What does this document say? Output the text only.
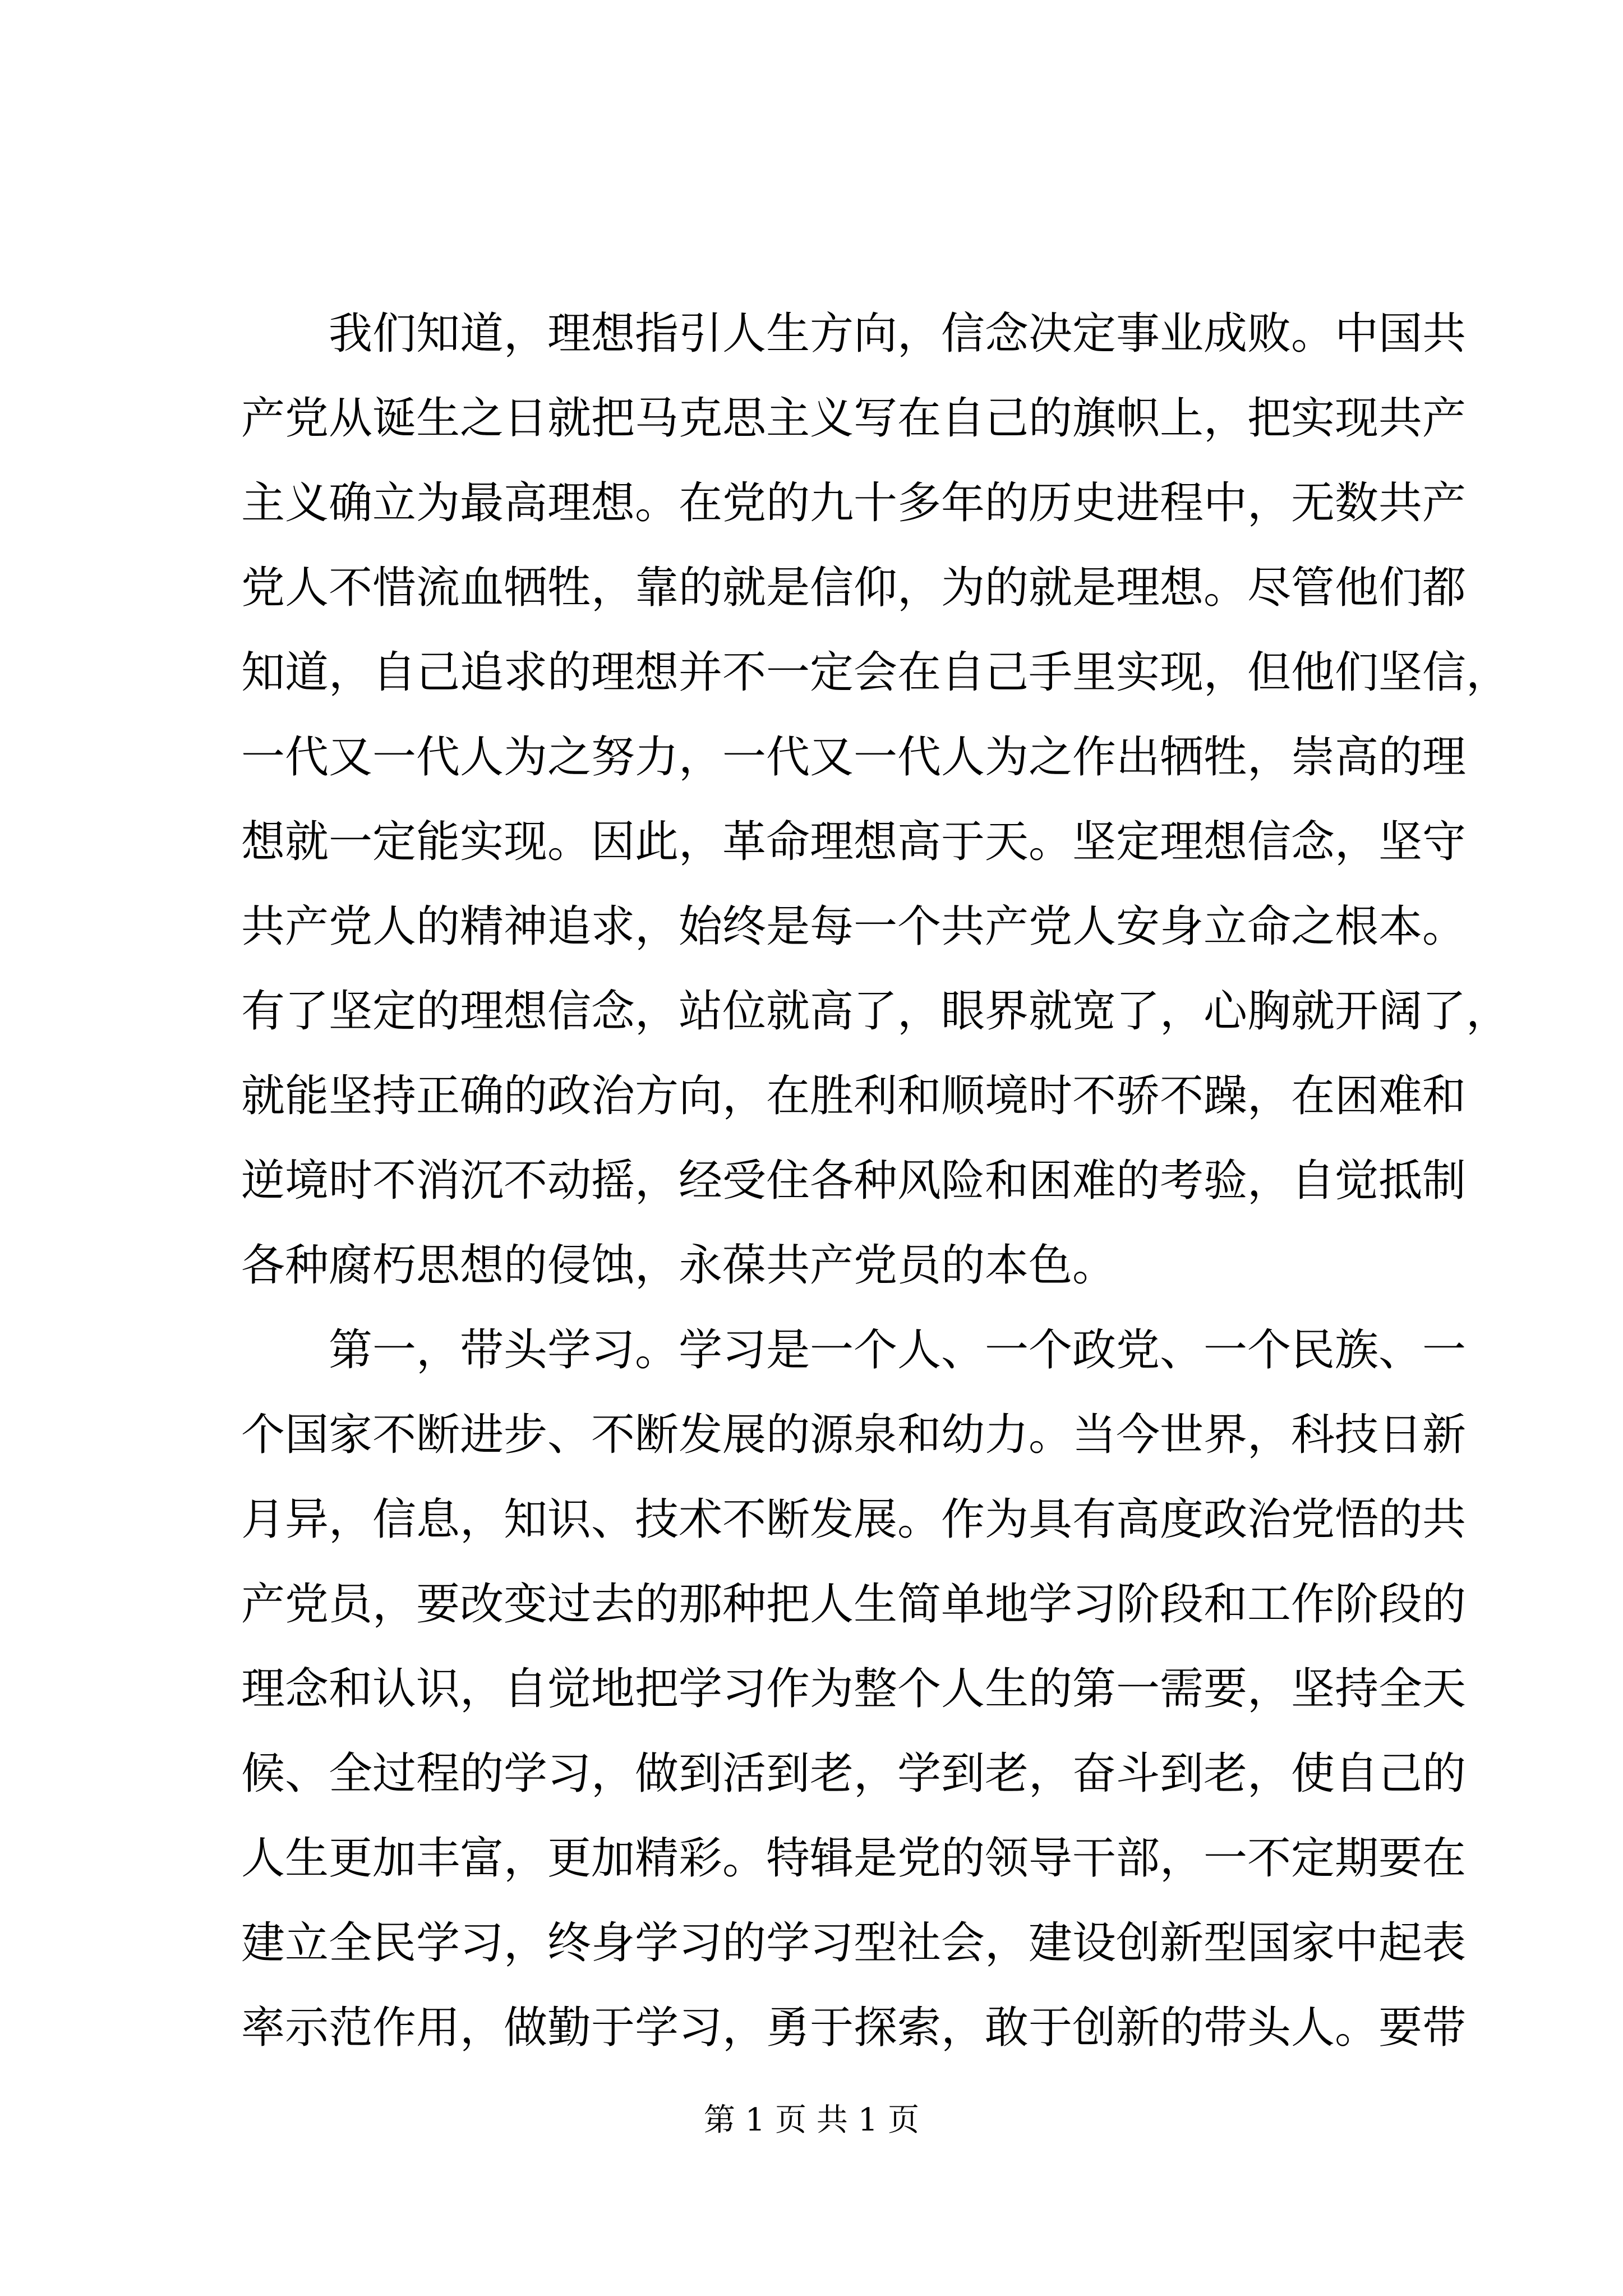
我们知道，理想指引人生方向，信念决定事业成败。中国共
产党从诞生之日就把马克思主义写在自己的旗帜上，把实现共产
主义确立为最高理想。在党的九十多年的历史进程中，无数共产
党人不惜流血牺牲，靠的就是信仰，为的就是理想。尽管他们都
知道，自己追求的理想并不一定会在自己手里实现，但他们坚信，
一代又一代人为之努力，一代又一代人为之作出牺牲，崇高的理
想就一定能实现。因此，革命理想高于天。坚定理想信念，坚守
共产党人的精神追求，始终是每一个共产党人安身立命之根本。
有了坚定的理想信念，站位就高了，眼界就宽了，心胸就开阔了，
就能坚持正确的政治方向，在胜利和顺境时不骄不躁，在困难和
逆境时不消沉不动摇，经受住各种风险和困难的考验，自觉抵制
各种腐朽思想的侵蚀，永葆共产党员的本色。
第一，带头学习。学习是一个人、一个政党、一个民族、一
个国家不断进步、不断发展的源泉和幼力。当今世界，科技日新
月异，信息，知识、技术不断发展。作为具有高度政治党悟的共
产党员，要改变过去的那种把人生简单地学习阶段和工作阶段的
理念和认识，自觉地把学习作为整个人生的第一需要，坚持全天
候、全过程的学习，做到活到老，学到老，奋斗到老，使自己的
人生更加丰富，更加精彩。特辑是党的领导干部，一不定期要在
建立全民学习，终身学习的学习型社会，建设创新型国家中起表
率示范作用，做勤于学习，勇于探索，敢于创新的带头人。要带
第 1 页 共 1 页
